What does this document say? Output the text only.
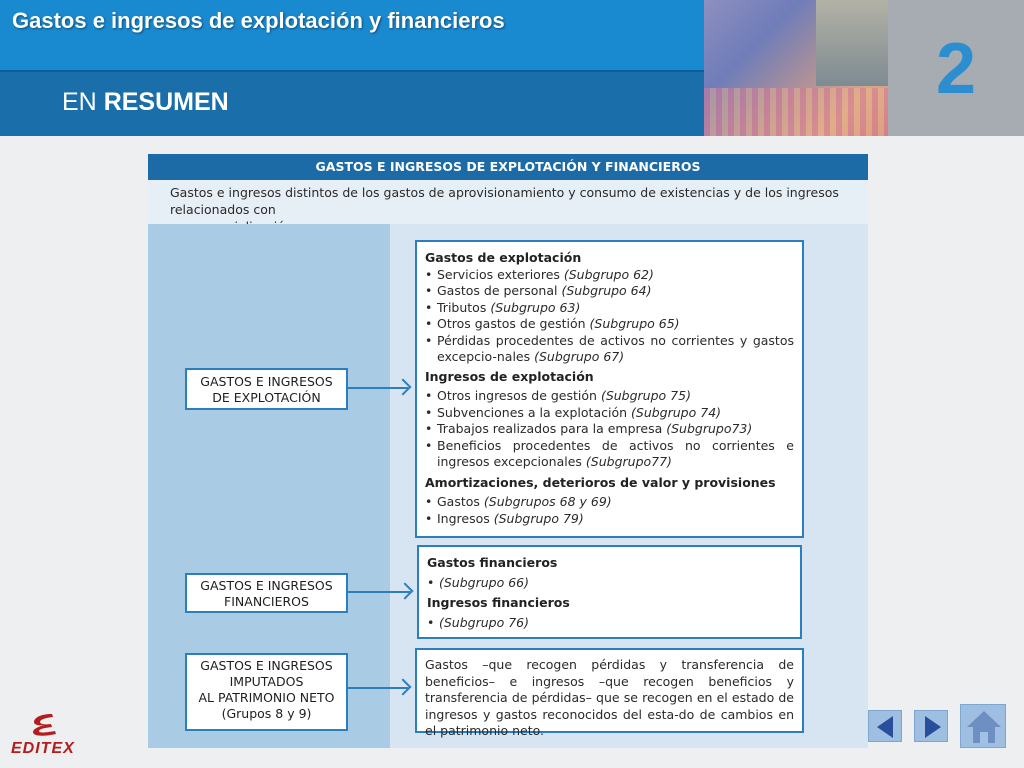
Gastos e ingresos de explotación y financieros
EN RESUMEN	2
GASTOS E INGRESOS DE EXPLOTACIÓN Y FINANCIEROS
Gastos e ingresos distintos de los gastos de aprovisionamiento y consumo de existencias y de los ingresos relacionados con
GASTOS E INGRESOS
DE EXPLOTACIÓN
GASTOS E INGRESOS
FINANCIEROS
GASTOS E INGRESOS
IMPUTADOS
AL PATRIMONIO NETO
(Grupos 8 y 9)
Gastos de explotación
• Servicios exteriores (Subgrupo 62)
• Gastos de personal (Subgrupo 64)
• Tributos (Subgrupo 63)
• Otros gastos de gestión (Subgrupo 65)
• Pérdidas procedentes de activos no corrientes y gastos excepcio-nales (Subgrupo 67)
Ingresos de explotación
• Otros ingresos de gestión (Subgrupo 75)
• Subvenciones a la explotación (Subgrupo 74)
• Trabajos realizados para la empresa (Subgrupo73)
• Beneficios procedentes de activos no corrientes e ingresos excepcionales (Subgrupo77)
Amortizaciones, deterioros de valor y provisiones
• Gastos (Subgrupos 68 y 69)
• Ingresos (Subgrupo 79)
Gastos financieros
• (Subgrupo 66)
Ingresos financieros
• (Subgrupo 76)
Gastos –que recogen pérdidas y transferencia de beneficios– e ingresos –que recogen beneficios y transferencia de pérdidas– que se recogen en el estado de ingresos y gastos reconocidos del esta-do de cambios en el patrimonio neto.
EDITEX
